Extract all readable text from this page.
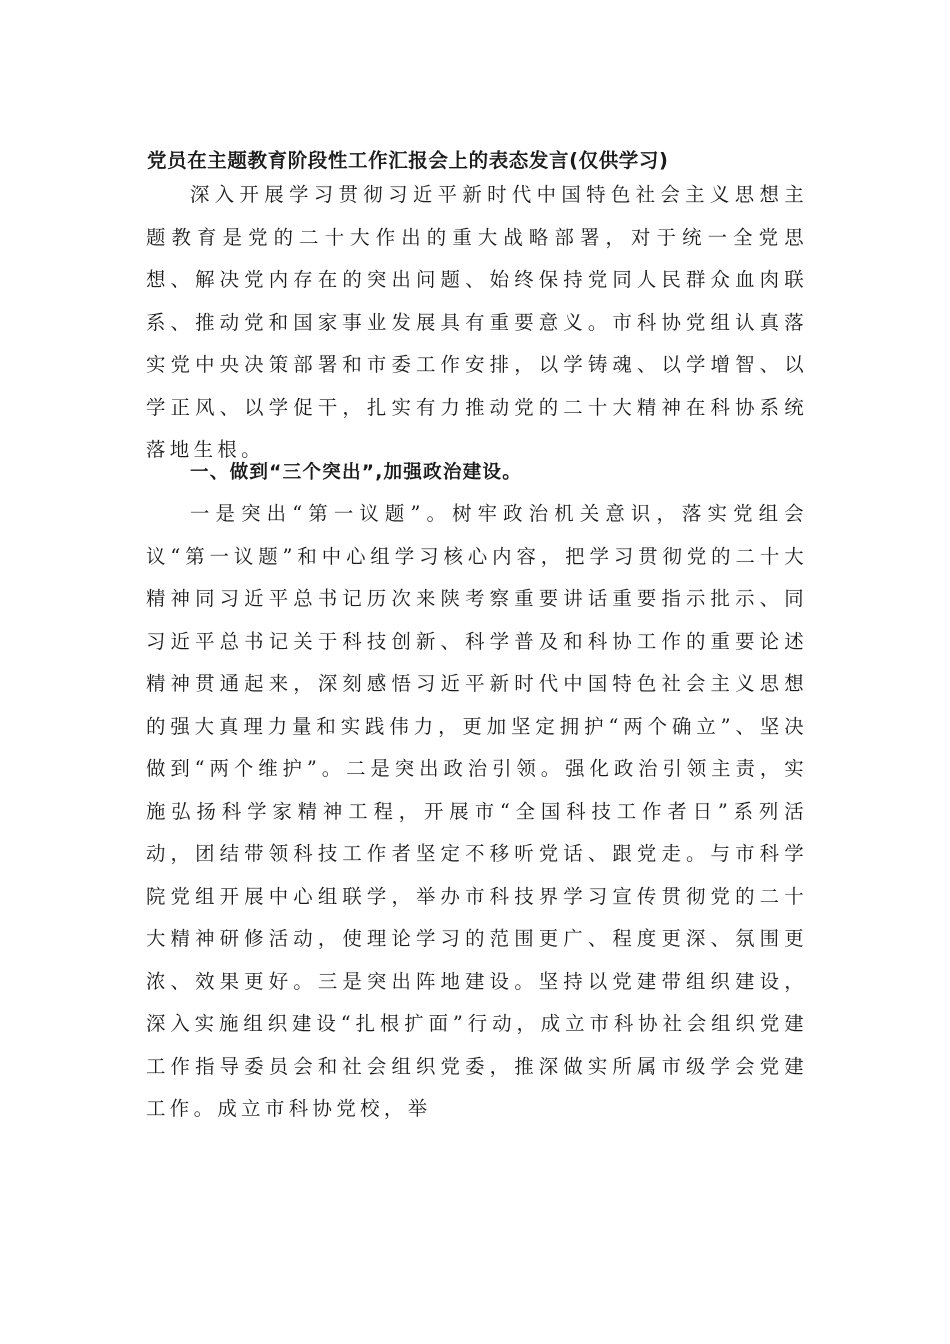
党员在主题教育阶段性工作汇报会上的表态发言(仅供学习)

深入开展学习贯彻习近平新时代中国特色社会主义思想主题教育是党的二十大作出的重大战略部署，对于统一全党思想、解决党内存在的突出问题、始终保持党同人民群众血肉联系、推动党和国家事业发展具有重要意义。市科协党组认真落实党中央决策部署和市委工作安排，以学铸魂、以学增智、以学正风、以学促干，扎实有力推动党的二十大精神在科协系统落地生根。

一、做到“三个突出”,加强政治建设。

一是突出“第一议题”。树牢政治机关意识，落实党组会议“第一议题”和中心组学习核心内容，把学习贯彻党的二十大精神同习近平总书记历次来陕考察重要讲话重要指示批示、同习近平总书记关于科技创新、科学普及和科协工作的重要论述精神贯通起来，深刻感悟习近平新时代中国特色社会主义思想的强大真理力量和实践伟力，更加坚定拥护“两个确立”、坚决做到“两个维护”。二是突出政治引领。强化政治引领主责，实施弘扬科学家精神工程，开展市“全国科技工作者日”系列活动，团结带领科技工作者坚定不移听党话、跟党走。与市科学院党组开展中心组联学，举办市科技界学习宣传贯彻党的二十大精神研修活动，使理论学习的范围更广、程度更深、氛围更浓、效果更好。三是突出阵地建设。坚持以党建带组织建设，深入实施组织建设“扎根扩面”行动，成立市科协社会组织党建工作指导委员会和社会组织党委，推深做实所属市级学会党建工作。成立市科协党校，举
